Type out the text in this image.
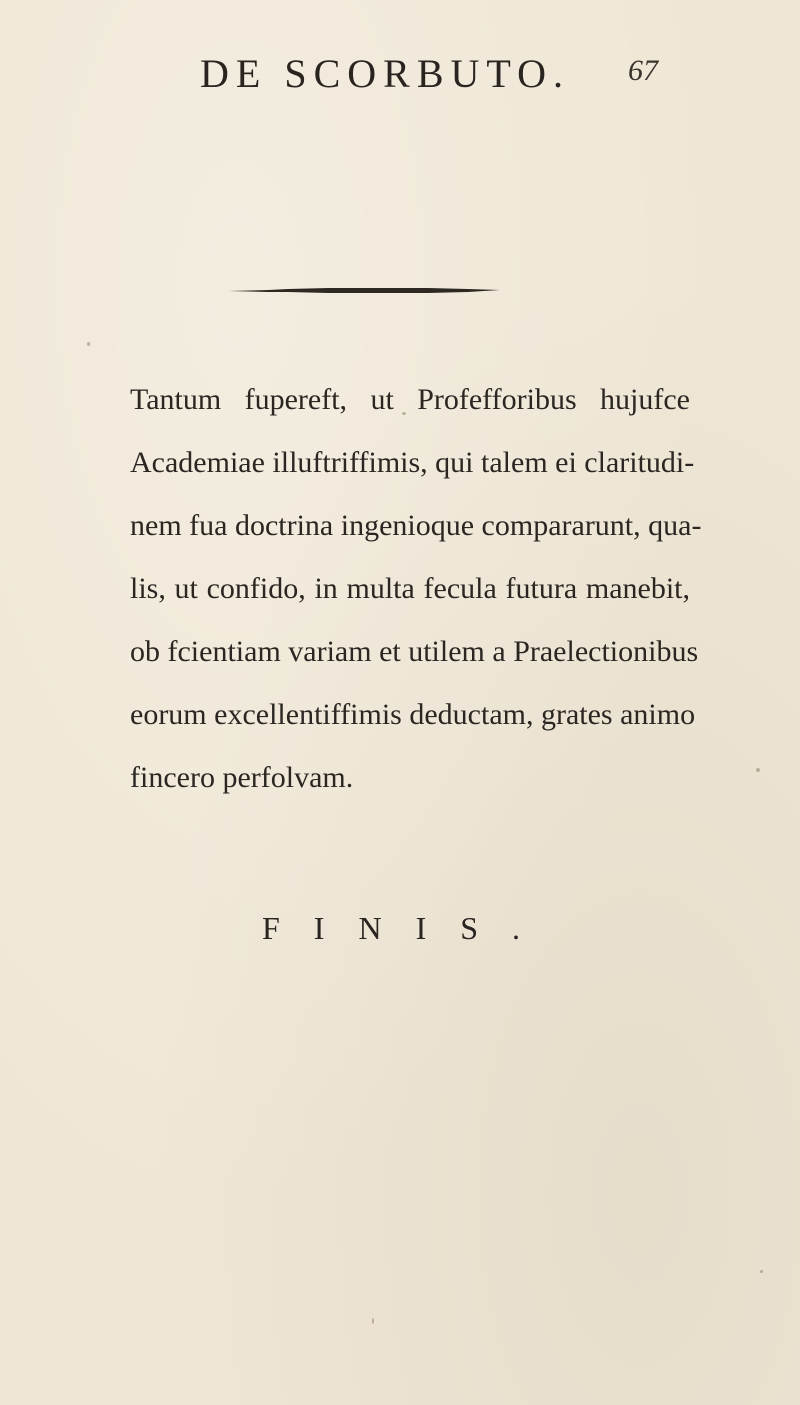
DE SCORBUTO. 67
Tantum fupereft, ut Profefforibus hujufce
Academiae illuftriffimis, qui talem ei claritudi-
nem fua doctrina ingenioque compararunt, qua-
lis, ut confido, in multa fecula futura manebit,
ob fcientiam variam et utilem a Praelectionibus
eorum excellentiffimis deductam, grates animo
fincero perfolvam.
FINIS.
